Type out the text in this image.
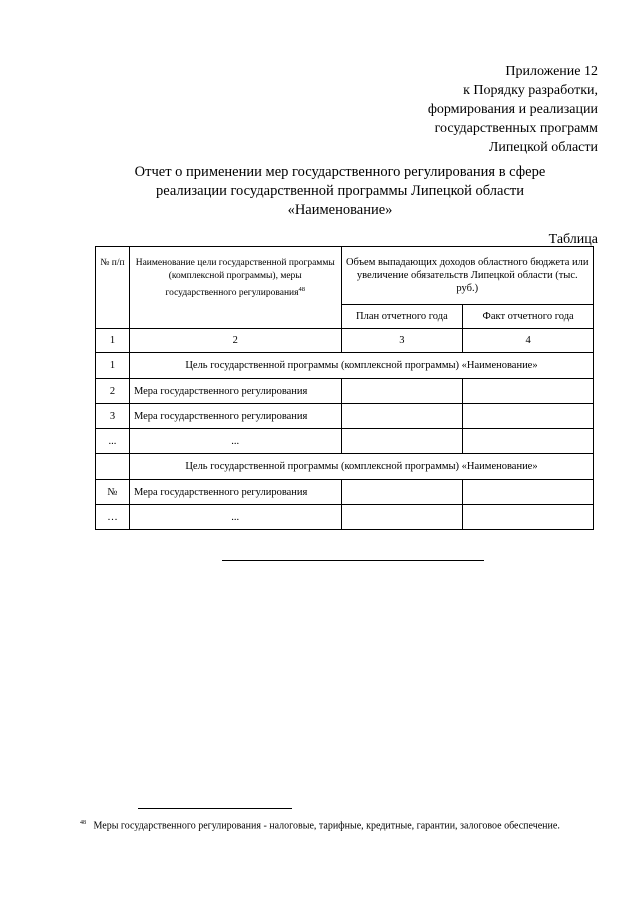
Приложение 12
к Порядку разработки,
формирования и реализации
государственных программ
Липецкой области
Отчет о применении мер государственного регулирования в сфере
реализации государственной программы Липецкой области
«Наименование»
Таблица
№ п/п	Наименование цели государственной программы (комплексной программы), меры государственного регулирования$^{48}$	Объем выпадающих доходов областного бюджета или увеличение обязательств Липецкой области (тыс. руб.)	
		План отчетного года	Факт отчетного года
1	2	3	4
1	Цель государственной программы (комплексной программы) «Наименование»		
2	Мера государственного регулирования		
3	Мера государственного регулирования		
...	...		
	Цель государственной программы (комплексной программы) «Наименование»		
№	Мера государственного регулирования		
…	...		
$^{48}$ Меры государственного регулирования - налоговые, тарифные, кредитные, гарантии, залоговое обеспечение.
